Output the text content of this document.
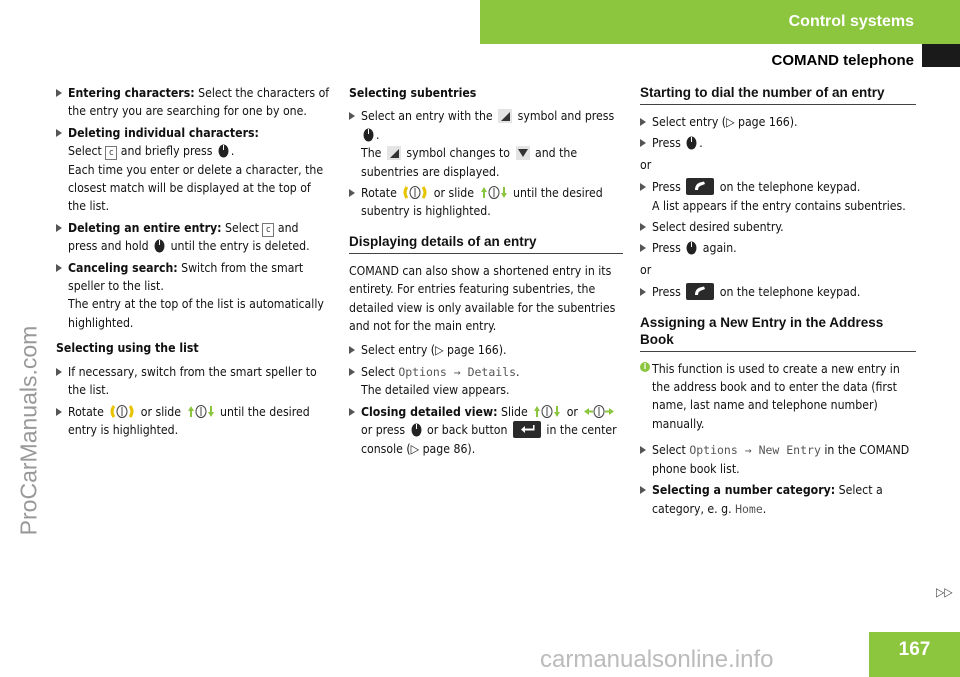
Control systems
COMAND telephone
ProCarManuals.com
Entering characters: Select the characters of the entry you are searching for one by one.
Deleting individual characters:
Select c and briefly press .
Each time you enter or delete a character, the closest match will be displayed at the top of the list.
Deleting an entire entry: Select c and press and hold  until the entry is deleted.
Canceling search: Switch from the smart speller to the list.
The entry at the top of the list is automatically highlighted.
Selecting using the list
If necessary, switch from the smart speller to the list.
Rotate  or slide	until the desired entry is highlighted.
Selecting subentries
Select an entry with the  symbol and press .
The  symbol changes to  and the subentries are displayed.
Rotate  or slide	until the desired subentry is highlighted.
Displaying details of an entry
COMAND can also show a shortened entry in its entirety. For entries featuring subentries, the detailed view is only available for the subentries and not for the main entry.
Select entry (▷ page 166).
Select Options → Details.
The detailed view appears.
Closing detailed view: Slide	or  or press  or back button	in the center console (▷ page 86).
Starting to dial the number of an entry
Select entry (▷ page 166).
Press .
or
Press	on the telephone keypad.
A list appears if the entry contains subentries.
Select desired subentry.
Press  again.
or
Press	on the telephone keypad.
Assigning a New Entry in the Address Book
i This function is used to create a new entry in the address book and to enter the data (first name, last name and telephone number) manually.
Select Options → New Entry in the COMAND phone book list.
Selecting a number category: Select a category, e. g. Home.
▷▷
167
carmanualsonline.info
